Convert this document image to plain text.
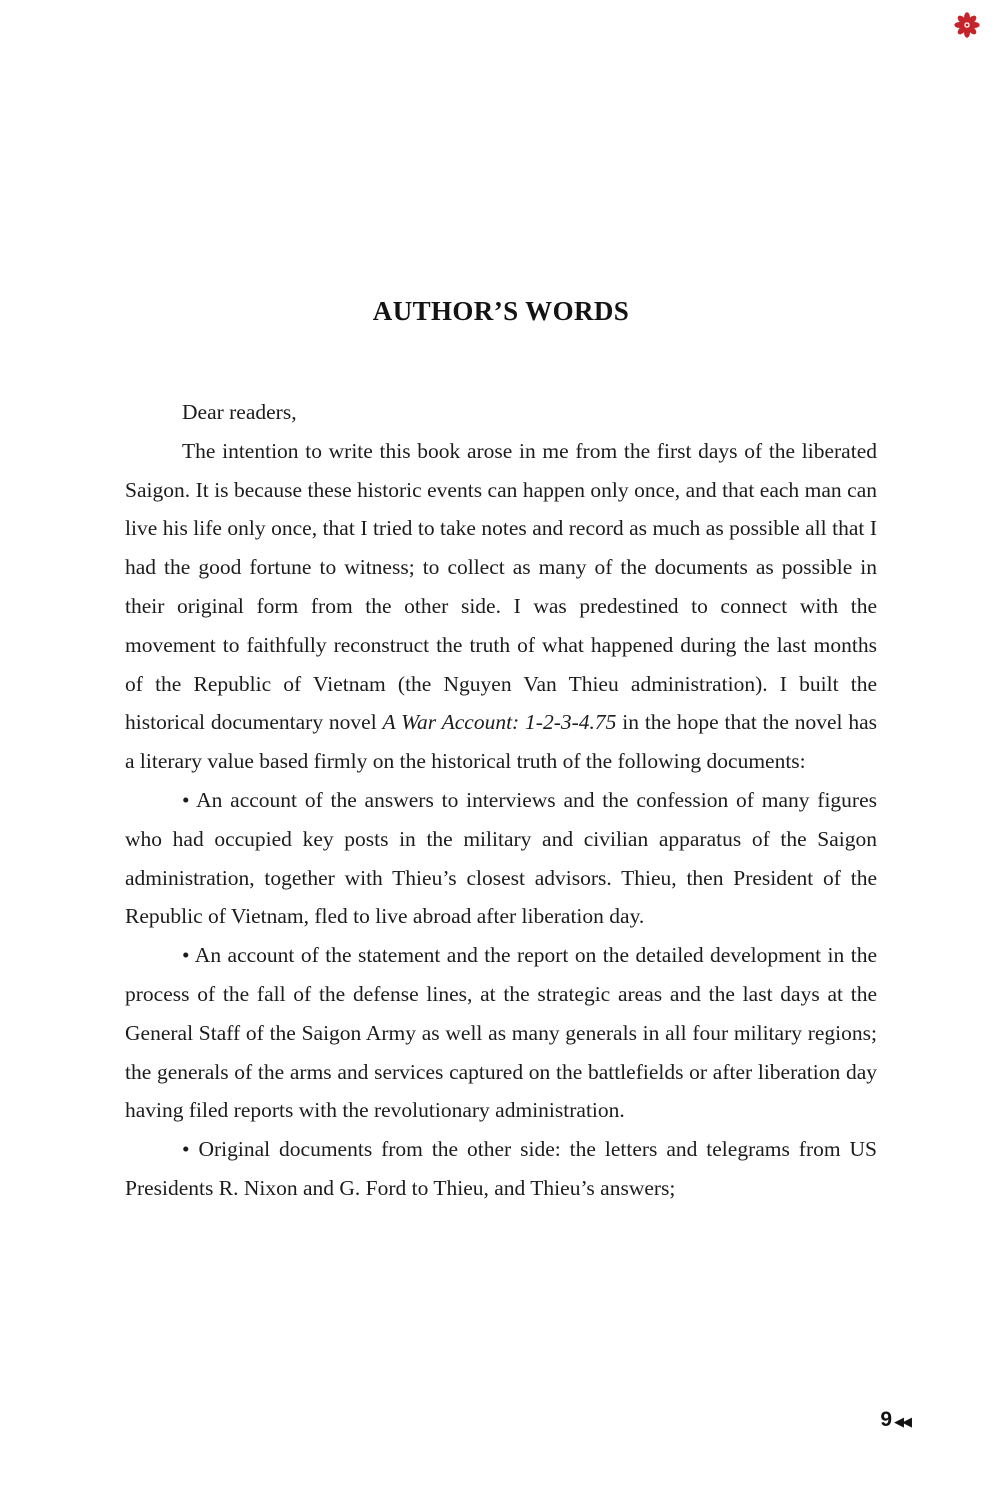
AUTHOR’S WORDS

Dear readers,

The intention to write this book arose in me from the first days of the liberated Saigon. It is because these historic events can happen only once, and that each man can live his life only once, that I tried to take notes and record as much as possible all that I had the good fortune to witness; to collect as many of the documents as possible in their original form from the other side. I was predestined to connect with the movement to faithfully reconstruct the truth of what happened during the last months of the Republic of Vietnam (the Nguyen Van Thieu administration). I built the historical documentary novel A War Account: 1-2-3-4.75 in the hope that the novel has a literary value based firmly on the historical truth of the following documents:

• An account of the answers to interviews and the confession of many figures who had occupied key posts in the military and civilian apparatus of the Saigon administration, together with Thieu’s closest advisors. Thieu, then President of the Republic of Vietnam, fled to live abroad after liberation day.

• An account of the statement and the report on the detailed development in the process of the fall of the defense lines, at the strategic areas and the last days at the General Staff of the Saigon Army as well as many generals in all four military regions; the generals of the arms and services captured on the battlefields or after liberation day having filed reports with the revolutionary administration.

• Original documents from the other side: the letters and telegrams from US Presidents R. Nixon and G. Ford to Thieu, and Thieu’s answers;

9 ◀◀
